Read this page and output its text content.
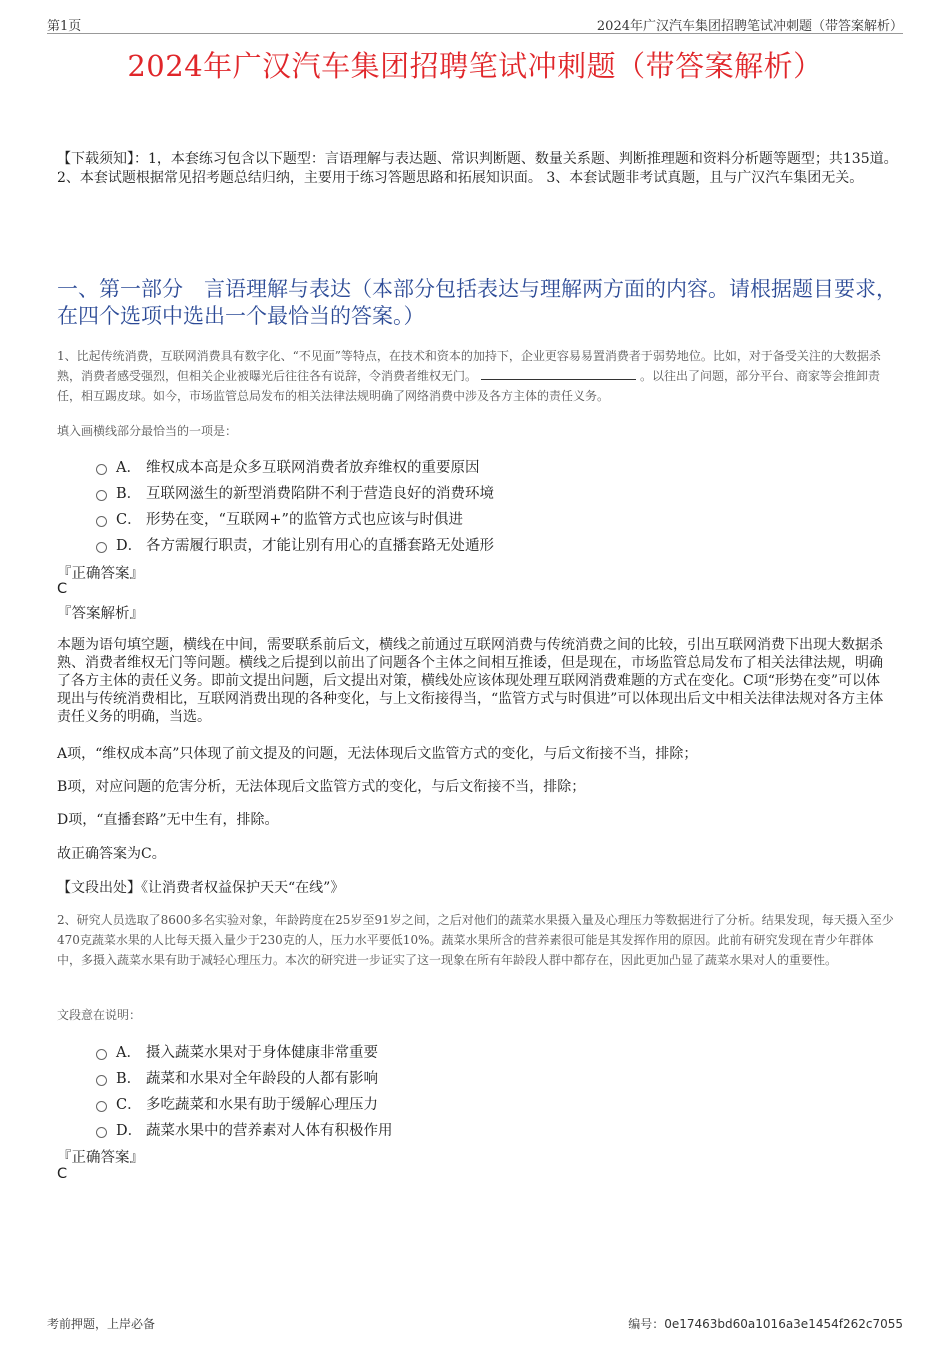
第1页	2024年广汉汽车集团招聘笔试冲刺题（带答案解析）
2024年广汉汽车集团招聘笔试冲刺题（带答案解析）
【下载须知】：1，本套练习包含以下题型：言语理解与表达题、常识判断题、数量关系题、判断推理题和资料分析题等题型；共135道。 2、本套试题根据常见招考题总结归纳，主要用于练习答题思路和拓展知识面。 3、本套试题非考试真题，且与广汉汽车集团无关。
一、第一部分　言语理解与表达（本部分包括表达与理解两方面的内容。请根据题目要求，在四个选项中选出一个最恰当的答案。）
1、比起传统消费，互联网消费具有数字化、“不见面”等特点，在技术和资本的加持下，企业更容易易置消费者于弱势地位。比如，对于备受关注的大数据杀熟，消费者感受强烈，但相关企业被曝光后往往各有说辞，令消费者维权无门。	。以往出了问题，部分平台、商家等会推卸责任，相互踢皮球。如今，市场监管总局发布的相关法律法规明确了网络消费中涉及各方主体的责任义务。
填入画横线部分最恰当的一项是：
A． 维权成本高是众多互联网消费者放弃维权的重要原因
B． 互联网滋生的新型消费陷阱不利于营造良好的消费环境
C． 形势在变，“互联网+”的监管方式也应该与时俱进
D． 各方需履行职责，才能让别有用心的直播套路无处遁形
『正确答案』
C
『答案解析』
本题为语句填空题，横线在中间，需要联系前后文，横线之前通过互联网消费与传统消费之间的比较，引出互联网消费下出现大数据杀熟、消费者维权无门等问题。横线之后提到以前出了问题各个主体之间相互推诿，但是现在，市场监管总局发布了相关法律法规，明确了各方主体的责任义务。即前文提出问题，后文提出对策，横线处应该体现处理互联网消费难题的方式在变化。C项“形势在变”可以体现出与传统消费相比，互联网消费出现的各种变化，与上文衔接得当，“监管方式与时俱进”可以体现出后文中相关法律法规对各方主体责任义务的明确，当选。
A项，“维权成本高”只体现了前文提及的问题，无法体现后文监管方式的变化，与后文衔接不当，排除；
B项，对应问题的危害分析，无法体现后文监管方式的变化，与后文衔接不当，排除；
D项，“直播套路”无中生有，排除。
故正确答案为C。
【文段出处】《让消费者权益保护天天“在线”》
2、研究人员选取了8600多名实验对象，年龄跨度在25岁至91岁之间，之后对他们的蔬菜水果摄入量及心理压力等数据进行了分析。结果发现，每天摄入至少470克蔬菜水果的人比每天摄入量少于230克的人，压力水平要低10%。蔬菜水果所含的营养素很可能是其发挥作用的原因。此前有研究发现在青少年群体中，多摄入蔬菜水果有助于减轻心理压力。本次的研究进一步证实了这一现象在所有年龄段人群中都存在，因此更加凸显了蔬菜水果对人的重要性。
文段意在说明：
A． 摄入蔬菜水果对于身体健康非常重要
B． 蔬菜和水果对全年龄段的人都有影响
C． 多吃蔬菜和水果有助于缓解心理压力
D． 蔬菜水果中的营养素对人体有积极作用
『正确答案』
C
考前押题，上岸必备	编号：0e17463bd60a1016a3e1454f262c7055
